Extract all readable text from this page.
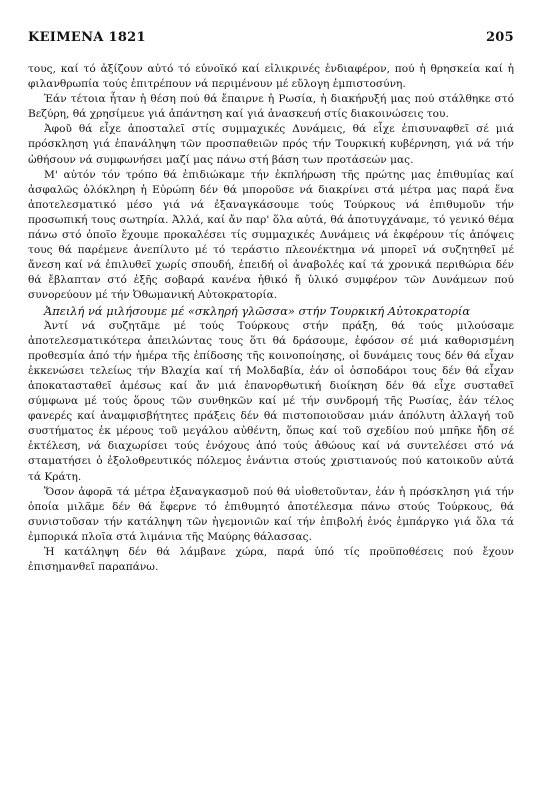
ΚΕΙΜΕΝΑ 1821	205

τους, καί τό ἀξίζουν αὐτό τό εὐνοϊκό καί εἰλικρινές ἐνδιαφέρον, πού ἡ θρησκεία καί ἡ φιλανθρωπία τούς ἐπιτρέπουν νά περιμένουν μέ εὔλογη ἐμπιστοσύνη.

Ἐάν τέτοια ἦταν ἡ θέση πού θά ἔπαιρνε ἡ Ρωσία, ἡ διακήρυξή μας πού στάλθηκε στό Βεζύρη, θά χρησίμευε γιά ἀπάντηση καί γιά ἀνασκευή στίς διακοινώσεις του.

Ἀφοῦ θά εἶχε ἀποσταλεῖ στίς συμμαχικές Δυνάμεις, θά εἶχε ἐπισυναφθεῖ σέ μιά πρόσκληση γιά ἐπανάληψη τῶν προσπαθειῶν πρός τήν Τουρκική κυβέρνηση, γιά νά τήν ὠθήσουν νά συμφωνήσει μαζί μας πάνω στή βάση των προτάσεών μας.

Μ' αὐτόν τόν τρόπο θά ἐπιδιώκαμε τήν ἐκπλήρωση τῆς πρώτης μας ἐπιθυμίας καί ἀσφαλῶς ὁλόκληρη ἡ Εὐρώπη δέν θά μποροῦσε νά διακρίνει στά μέτρα μας παρά ἕνα ἀποτελεσματικό μέσο γιά νά ἐξαναγκάσουμε τούς Τούρκους νά ἐπιθυμοῦν τήν προσωπική τους σωτηρία. Ἀλλά, καί ἄν παρ' ὅλα αὐτά, θά ἀποτυγχάναμε, τό γενικό θέμα πάνω στό ὁποῖο ἔχουμε προκαλέσει τίς συμμαχικές Δυνάμεις νά ἐκφέρουν τίς ἀπόψεις τους θά παρέμενε ἀνεπίλυτο μέ τό τεράστιο πλεονέκτημα νά μπορεῖ νά συζητηθεῖ μέ ἄνεση καί νά ἐπιλυθεῖ χωρίς σπουδή, ἐπειδή οἱ ἀναβολές καί τά χρονικά περιθώρια δέν θά ἔβλαπταν στό ἑξῆς σοβαρά κανένα ἠθικό ἤ ὑλικό συμφέρον τῶν Δυνάμεων πού συνορεύουν μέ τήν Ὀθωμανική Αὐτοκρατορία.

Ἀπειλή νά μιλήσουμε μέ «σκληρή γλῶσσα» στήν Τουρκική Αὐτοκρατορία

Ἀντί νά συζητᾶμε μέ τούς Τούρκους στήν πράξη, θά τούς μιλούσαμε ἀποτελεσματικότερα ἀπειλώντας τους ὅτι θά δράσουμε, ἐφόσον σέ μιά καθορισμένη προθεσμία ἀπό τήν ἡμέρα τῆς ἐπίδοσης τῆς κοινοποίησης, οἱ δυνάμεις τους δέν θά εἶχαν ἐκκενώσει τελείως τήν Βλαχία καί τή Μολδαβία, ἐάν οἱ ὁσποδάροι τους δέν θά εἶχαν ἀποκατασταθεῖ ἀμέσως καί ἄν μιά ἐπανορθωτική διοίκηση δέν θά εἶχε συσταθεῖ σύμφωνα μέ τούς ὅρους τῶν συνθηκῶν καί μέ τήν συνδρομή τῆς Ρωσίας, ἐάν τέλος φανερές καί ἀναμφισβήτητες πράξεις δέν θά πιστοποιοῦσαν μιάν ἀπόλυτη ἀλλαγή τοῦ συστήματος ἐκ μέρους τοῦ μεγάλου αὐθέντη, ὅπως καί τοῦ σχεδίου πού μπῆκε ἤδη σέ ἐκτέλεση, νά διαχωρίσει τούς ἐνόχους ἀπό τούς ἀθώους καί νά συντελέσει στό νά σταματήσει ὁ ἐξολοθρευτικός πόλεμος ἐνάντια στούς χριστιανούς πού κατοικοῦν αὐτά τά Κράτη.

Ὅσον ἀφορᾶ τά μέτρα ἐξαναγκασμοῦ πού θά υἱοθετοῦνταν, ἐάν ἡ πρόσκληση γιά τήν ὁποία μιλᾶμε δέν θά ἔφερνε τό ἐπιθυμητό ἀποτέλεσμα πάνω στούς Τούρκους, θά συνιστοῦσαν τήν κατάληψη τῶν ἡγεμονιῶν καί τήν ἐπιβολή ἑνός ἐμπάργκο γιά ὅλα τά ἐμπορικά πλοῖα στά λιμάνια τῆς Μαύρης θάλασσας.

Ἡ κατάληψη δέν θά λάμβανε χώρα, παρά ὑπό τίς προϋποθέσεις πού ἔχουν ἐπισημανθεῖ παραπάνω.
